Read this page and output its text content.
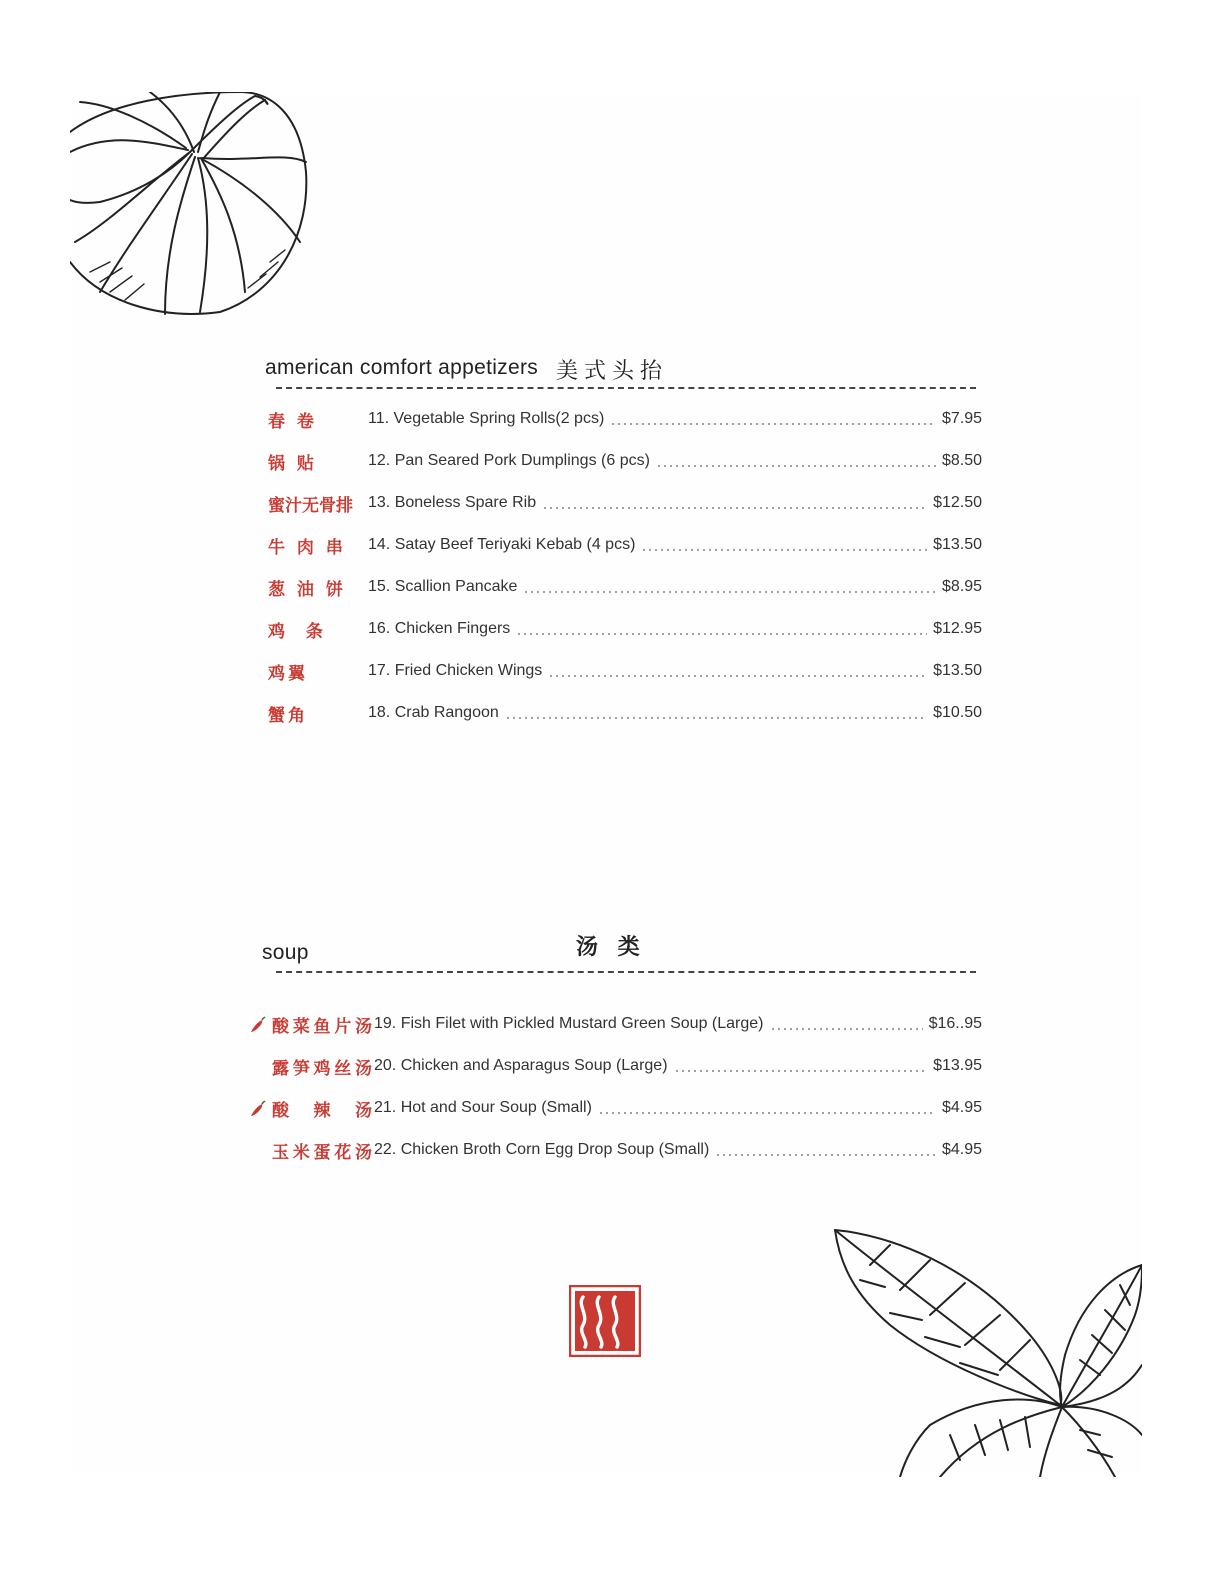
american comfort appetizers 美式头抬
春 卷	11. Vegetable Spring Rolls(2 pcs)	$7.95
锅 贴	12. Pan Seared Pork Dumplings (6 pcs)	$8.50
蜜汁无骨排 13. Boneless Spare Rib	$12.50
牛 肉 串	14. Satay Beef Teriyaki Kebab (4 pcs)	$13.50
葱 油 饼	15. Scallion Pancake	$8.95
鸡  条	16. Chicken Fingers	$12.95
鸡翼	17. Fried Chicken Wings	$13.50
蟹角	18. Crab Rangoon	$10.50
soup	汤 类
酸菜鱼片汤 19. Fish Filet with Pickled Mustard Green Soup (Large)	$16..95
露笋鸡丝汤 20. Chicken and Asparagus Soup (Large)	$13.95
酸 辣 汤 21. Hot and Sour Soup (Small)	$4.95
玉米蛋花汤 22. Chicken Broth Corn Egg Drop Soup (Small)	$4.95
